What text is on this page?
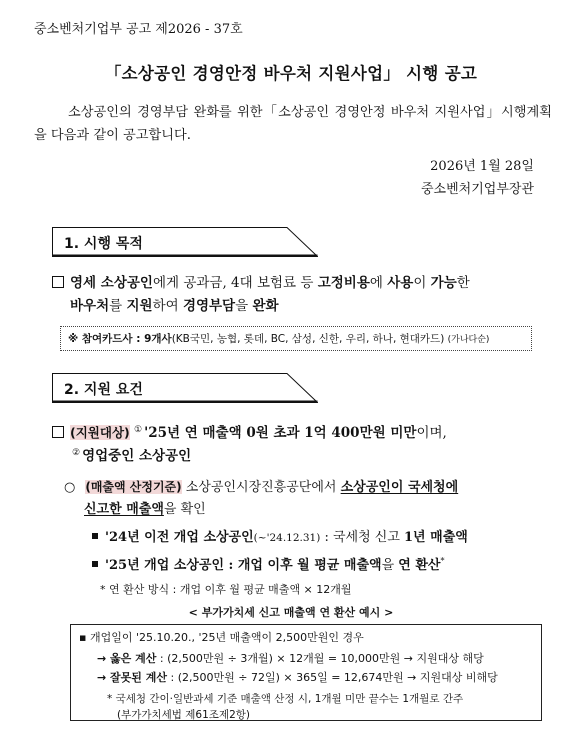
중소벤처기업부 공고 제2026 - 37호
「소상공인 경영안정 바우처 지원사업」 시행 공고
소상공인의 경영부담 완화를 위한「소상공인 경영안정 바우처 지원사업」시행계획을 다음과 같이 공고합니다.
2026년 1월 28일
중소벤처기업부장관
1. 시행 목적
영세 소상공인에게 공과금, 4대 보험료 등 고정비용에 사용이 가능한
바우처를 지원하여 경영부담을 완화
※ 참여카드사 : 9개사(KB국민, 농협, 롯데, BC, 삼성, 신한, 우리, 하나, 현대카드) (가나다순)
2. 지원 요건
(지원대상) ① '25년 연 매출액 0원 초과 1억 400만원 미만이며,
② 영업중인 소상공인
○ (매출액 산정기준) 소상공인시장진흥공단에서 소상공인이 국세청에
신고한 매출액을 확인
'24년 이전 개업 소상공인(~'24.12.31) : 국세청 신고 1년 매출액
'25년 개업 소상공인 : 개업 이후 월 평균 매출액을 연 환산*
* 연 환산 방식 : 개업 이후 월 평균 매출액 × 12개월
< 부가가치세 신고 매출액 연 환산 예시 >
▪ 개업일이 '25.10.20., '25년 매출액이 2,500만원인 경우
→ 옳은 계산 : (2,500만원 ÷ 3개월) × 12개월 = 10,000만원 → 지원대상 해당
→ 잘못된 계산 : (2,500만원 ÷ 72일) × 365일 = 12,674만원 → 지원대상 비해당
* 국세청 간이·일반과세 기준 매출액 산정 시, 1개월 미만 끝수는 1개월로 간주
(부가가치세법 제61조제2항)
